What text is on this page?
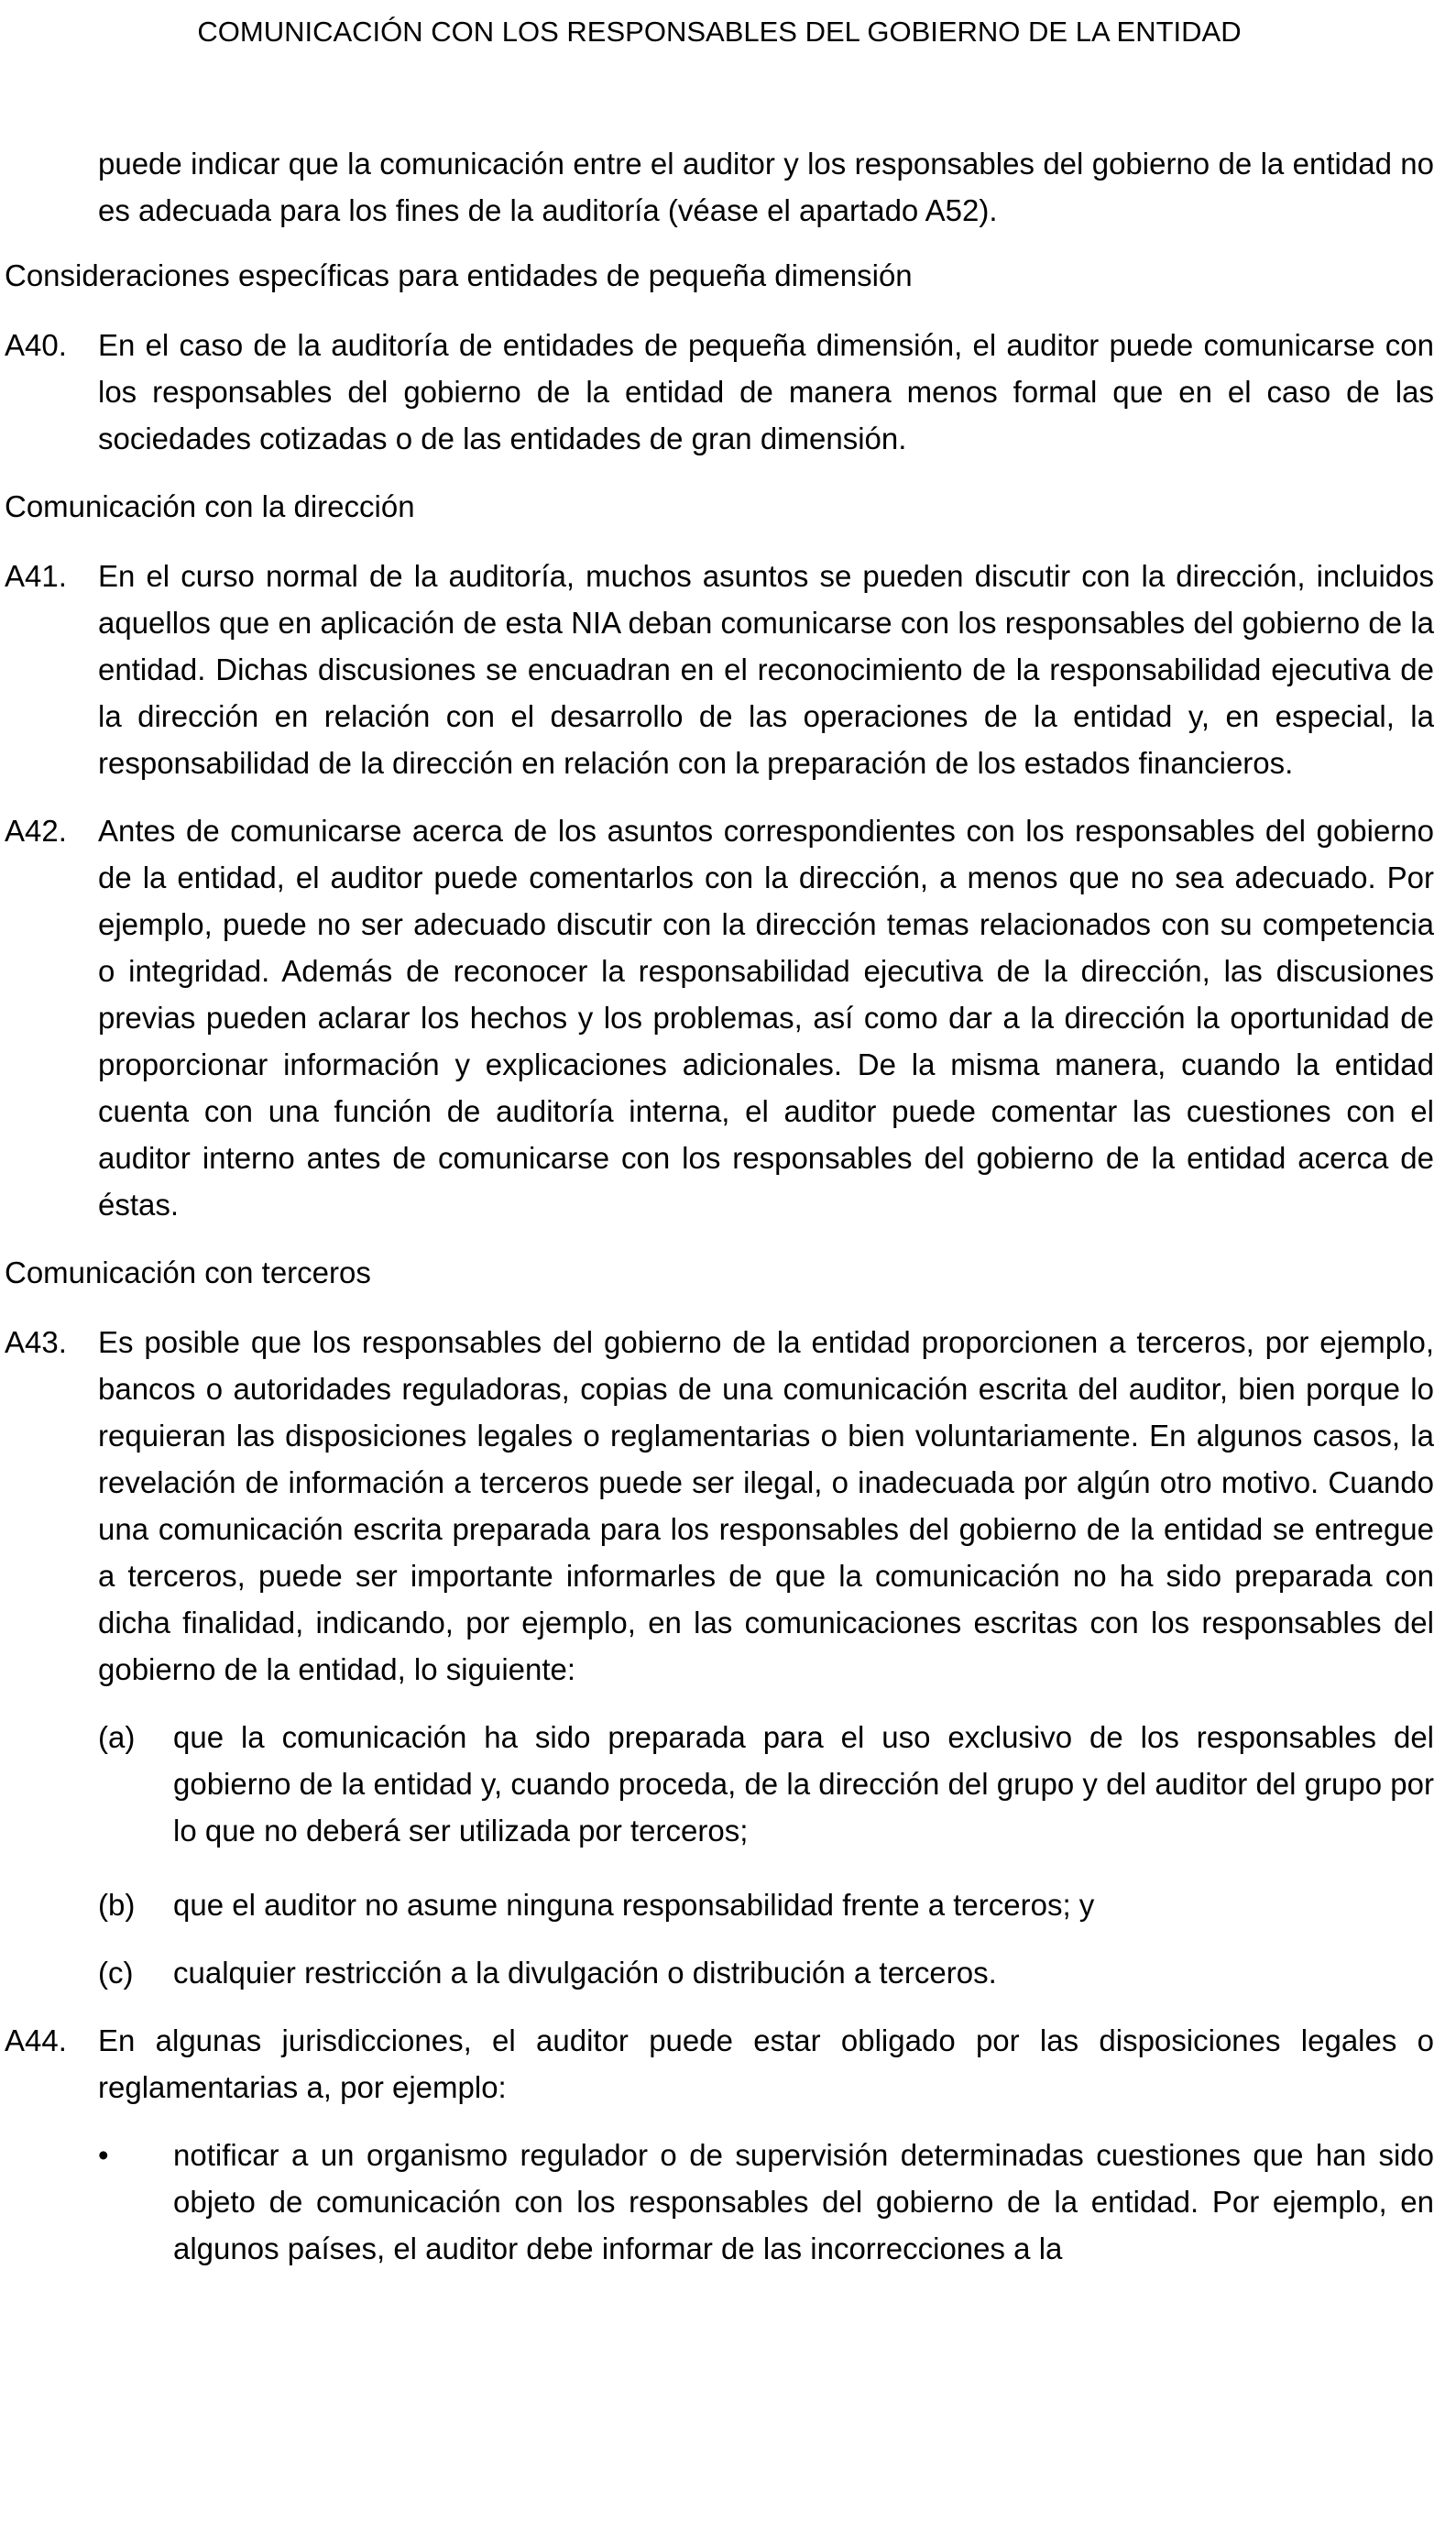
COMUNICACIÓN CON LOS RESPONSABLES DEL GOBIERNO DE LA ENTIDAD
puede indicar que la comunicación entre el auditor y los responsables del gobierno de la entidad no es adecuada para los fines de la auditoría (véase el apartado A52).
Consideraciones específicas para entidades de pequeña dimensión
A40.	En el caso de la auditoría de entidades de pequeña dimensión, el auditor puede comunicarse con los responsables del gobierno de la entidad de manera menos formal que en el caso de las sociedades cotizadas o de las entidades de gran dimensión.
Comunicación con la dirección
A41.	En el curso normal de la auditoría, muchos asuntos se pueden discutir con la dirección, incluidos aquellos que en aplicación de esta NIA deban comunicarse con los responsables del gobierno de la entidad. Dichas discusiones se encuadran en el reconocimiento de la responsabilidad ejecutiva de la dirección en relación con el desarrollo de las operaciones de la entidad y, en especial, la responsabilidad de la dirección en relación con la preparación de los estados financieros.
A42.	Antes de comunicarse acerca de los asuntos correspondientes con los responsables del gobierno de la entidad, el auditor puede comentarlos con la dirección, a menos que no sea adecuado. Por ejemplo, puede no ser adecuado discutir con la dirección temas relacionados con su competencia o integridad. Además de reconocer la responsabilidad ejecutiva de la dirección, las discusiones previas pueden aclarar los hechos y los problemas, así como dar a la dirección la oportunidad de proporcionar información y explicaciones adicionales. De la misma manera, cuando la entidad cuenta con una función de auditoría interna, el auditor puede comentar las cuestiones con el auditor interno antes de comunicarse con los responsables del gobierno de la entidad acerca de éstas.
Comunicación con terceros
A43.	Es posible que los responsables del gobierno de la entidad proporcionen a terceros, por ejemplo, bancos o autoridades reguladoras, copias de una comunicación escrita del auditor, bien porque lo requieran las disposiciones legales o reglamentarias o bien voluntariamente. En algunos casos, la revelación de información a terceros puede ser ilegal, o inadecuada por algún otro motivo. Cuando una comunicación escrita preparada para los responsables del gobierno de la entidad se entregue a terceros, puede ser importante informarles de que la comunicación no ha sido preparada con dicha finalidad, indicando, por ejemplo, en las comunicaciones escritas con los responsables del gobierno de la entidad, lo siguiente:
(a)	que la comunicación ha sido preparada para el uso exclusivo de los responsables del gobierno de la entidad y, cuando proceda, de la dirección del grupo y del auditor del grupo por lo que no deberá ser utilizada por terceros;
(b)	que el auditor no asume ninguna responsabilidad frente a terceros; y
(c)	cualquier restricción a la divulgación o distribución a terceros.
A44.	En algunas jurisdicciones, el auditor puede estar obligado por las disposiciones legales o reglamentarias a, por ejemplo:
•	notificar a un organismo regulador o de supervisión determinadas cuestiones que han sido objeto de comunicación con los responsables del gobierno de la entidad. Por ejemplo, en algunos países, el auditor debe informar de las incorrecciones a la
